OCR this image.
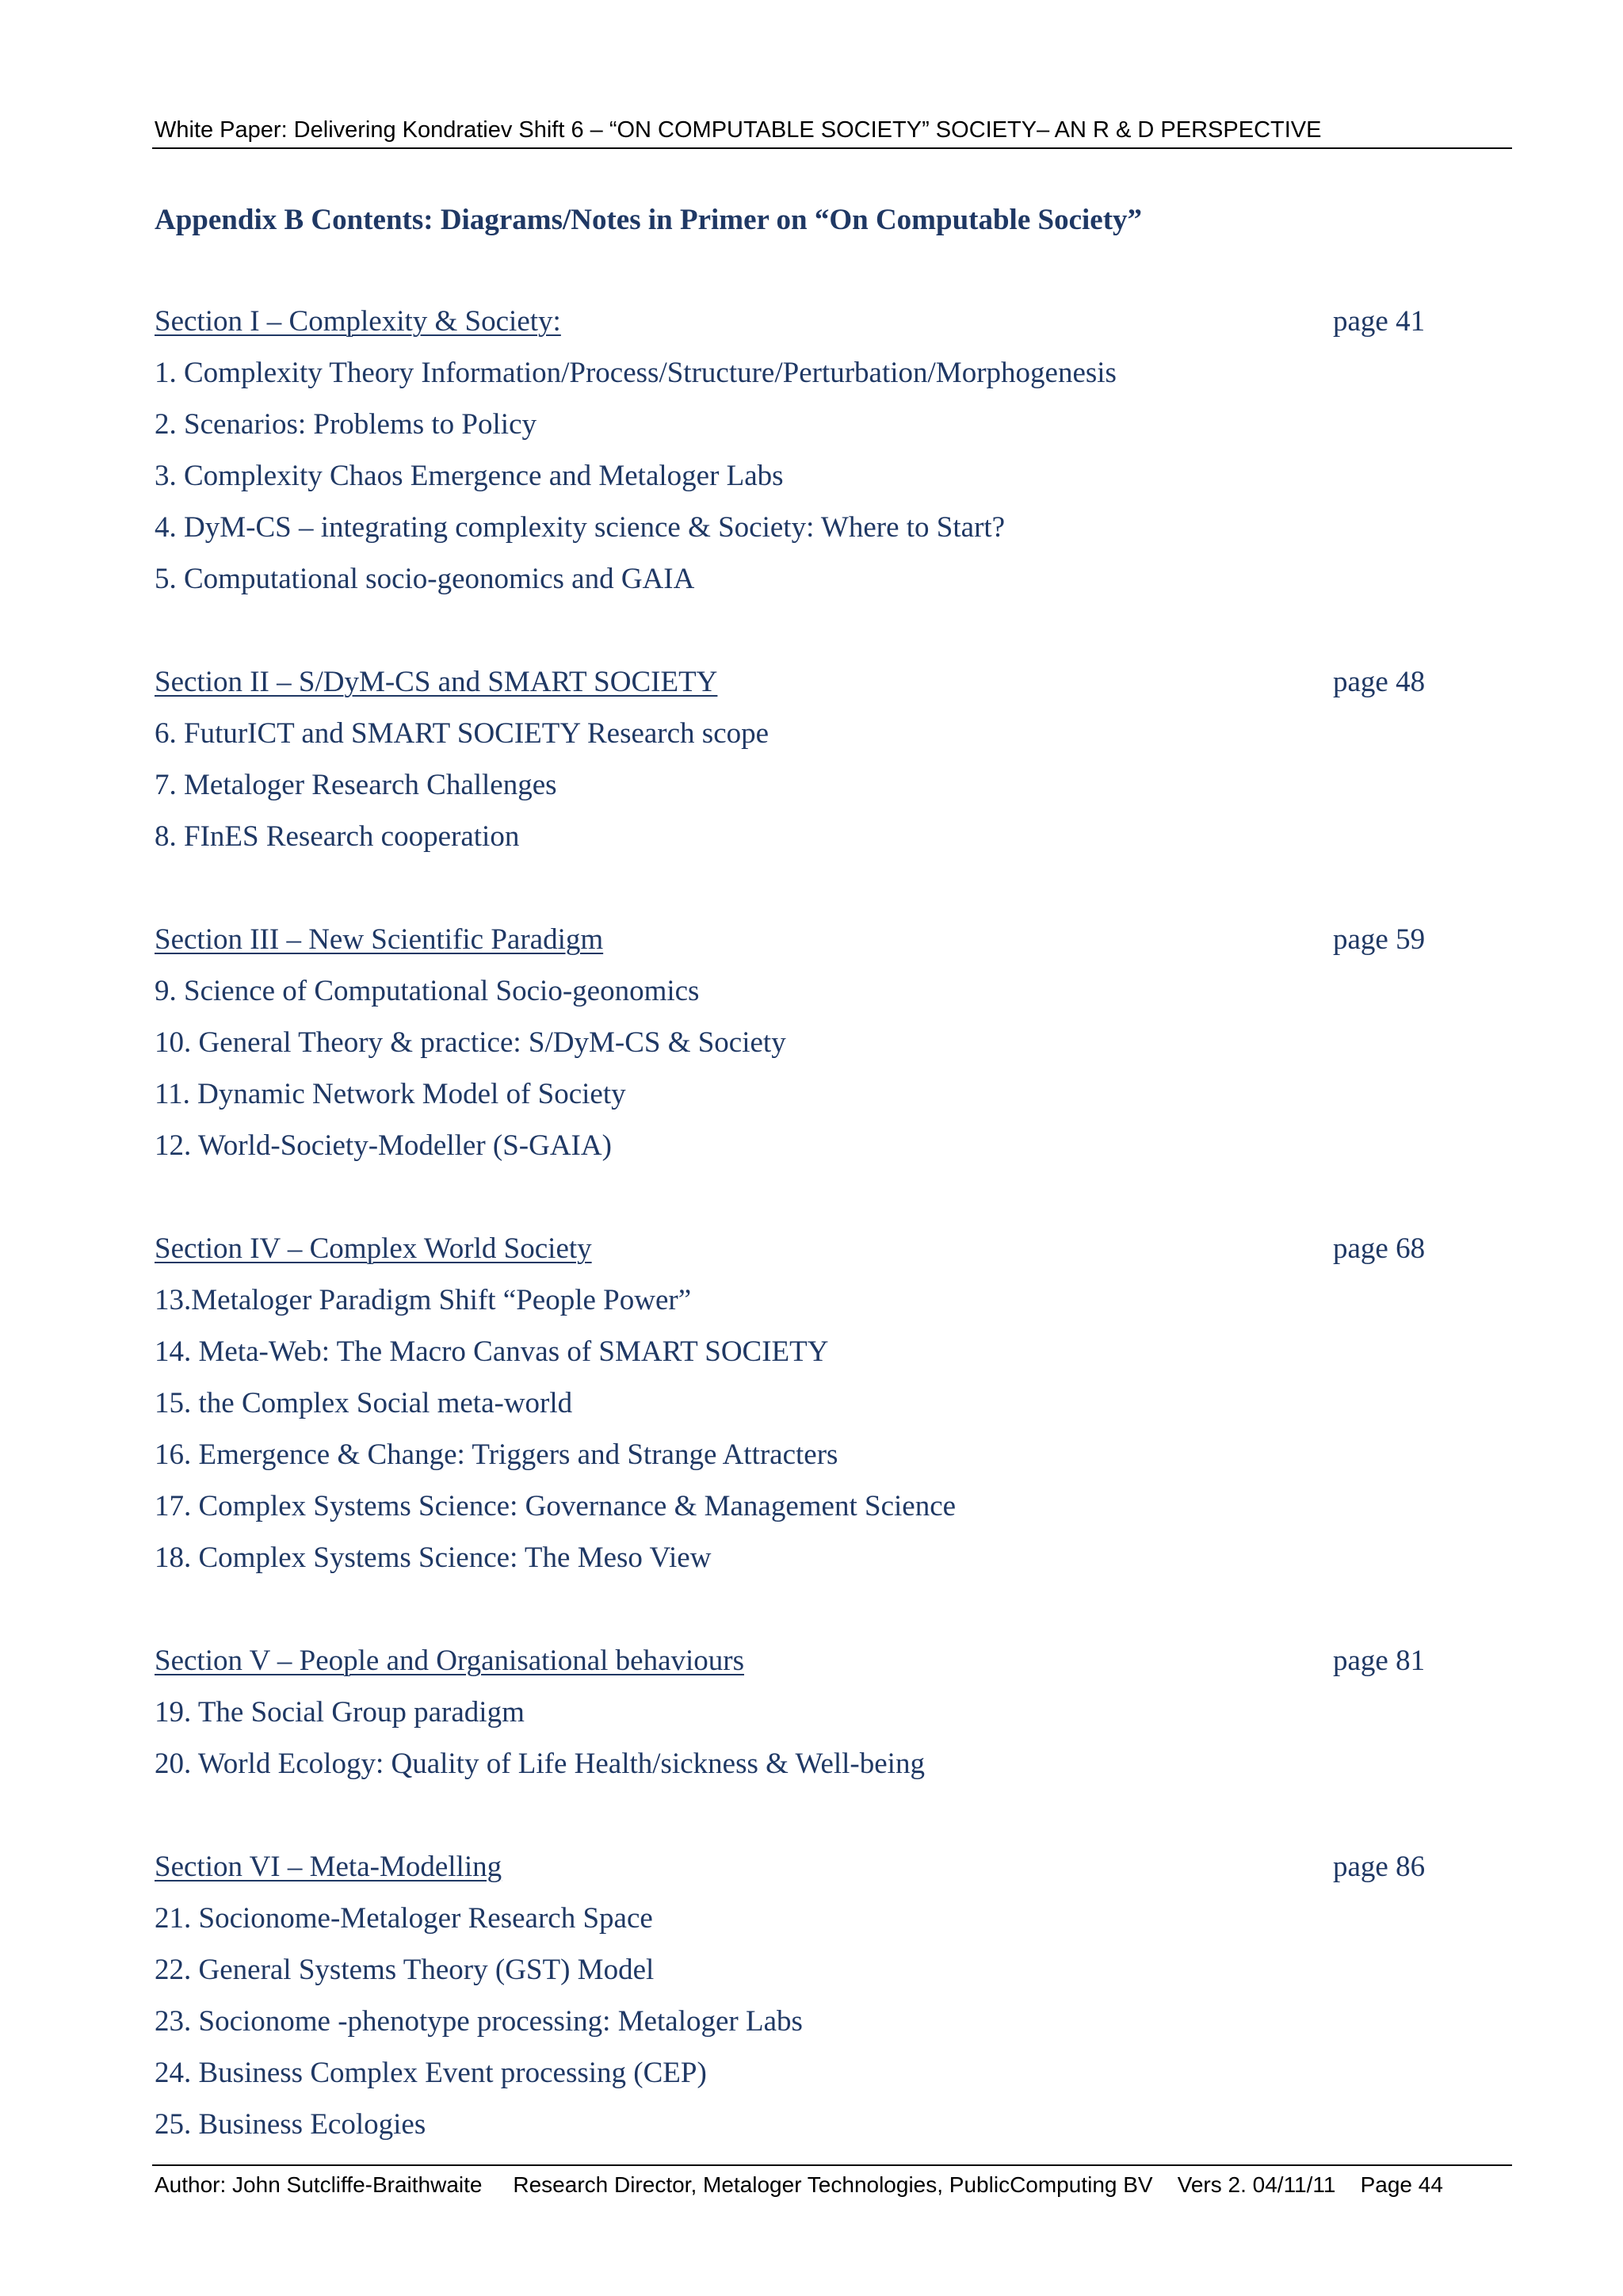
White Paper: Delivering Kondratiev Shift 6 – “ON COMPUTABLE SOCIETY” SOCIETY– AN R & D PERSPECTIVE
Appendix B Contents: Diagrams/Notes in Primer on “On Computable Society”
Section I – Complexity & Society:	page 41
1. Complexity Theory Information/Process/Structure/Perturbation/Morphogenesis
2. Scenarios: Problems to Policy
3. Complexity Chaos Emergence and Metaloger Labs
4. DyM-CS – integrating complexity science & Society: Where to Start?
5. Computational socio-geonomics and GAIA
Section II – S/DyM-CS and SMART SOCIETY	page 48
6. FuturICT and SMART SOCIETY Research scope
7. Metaloger Research Challenges
8. FInES Research cooperation
Section III – New Scientific Paradigm	page 59
9. Science of Computational Socio-geonomics
10. General Theory & practice: S/DyM-CS & Society
11. Dynamic Network Model of Society
12. World-Society-Modeller (S-GAIA)
Section IV – Complex World Society	page 68
13.Metaloger Paradigm Shift “People Power”
14. Meta-Web: The Macro Canvas of SMART SOCIETY
15. the Complex Social meta-world
16. Emergence & Change: Triggers and Strange Attracters
17. Complex Systems Science: Governance & Management Science
18. Complex Systems Science: The Meso View
Section V – People and Organisational behaviours	page 81
19. The Social Group paradigm
20. World Ecology: Quality of Life Health/sickness & Well-being
Section VI – Meta-Modelling	page 86
21. Socionome-Metaloger Research Space
22. General Systems Theory (GST) Model
23. Socionome -phenotype processing: Metaloger Labs
24. Business Complex Event processing (CEP)
25. Business Ecologies
Author: John Sutcliffe-Braithwaite     Research Director, Metaloger Technologies, PublicComputing BV    Vers 2. 04/11/11    Page 44
